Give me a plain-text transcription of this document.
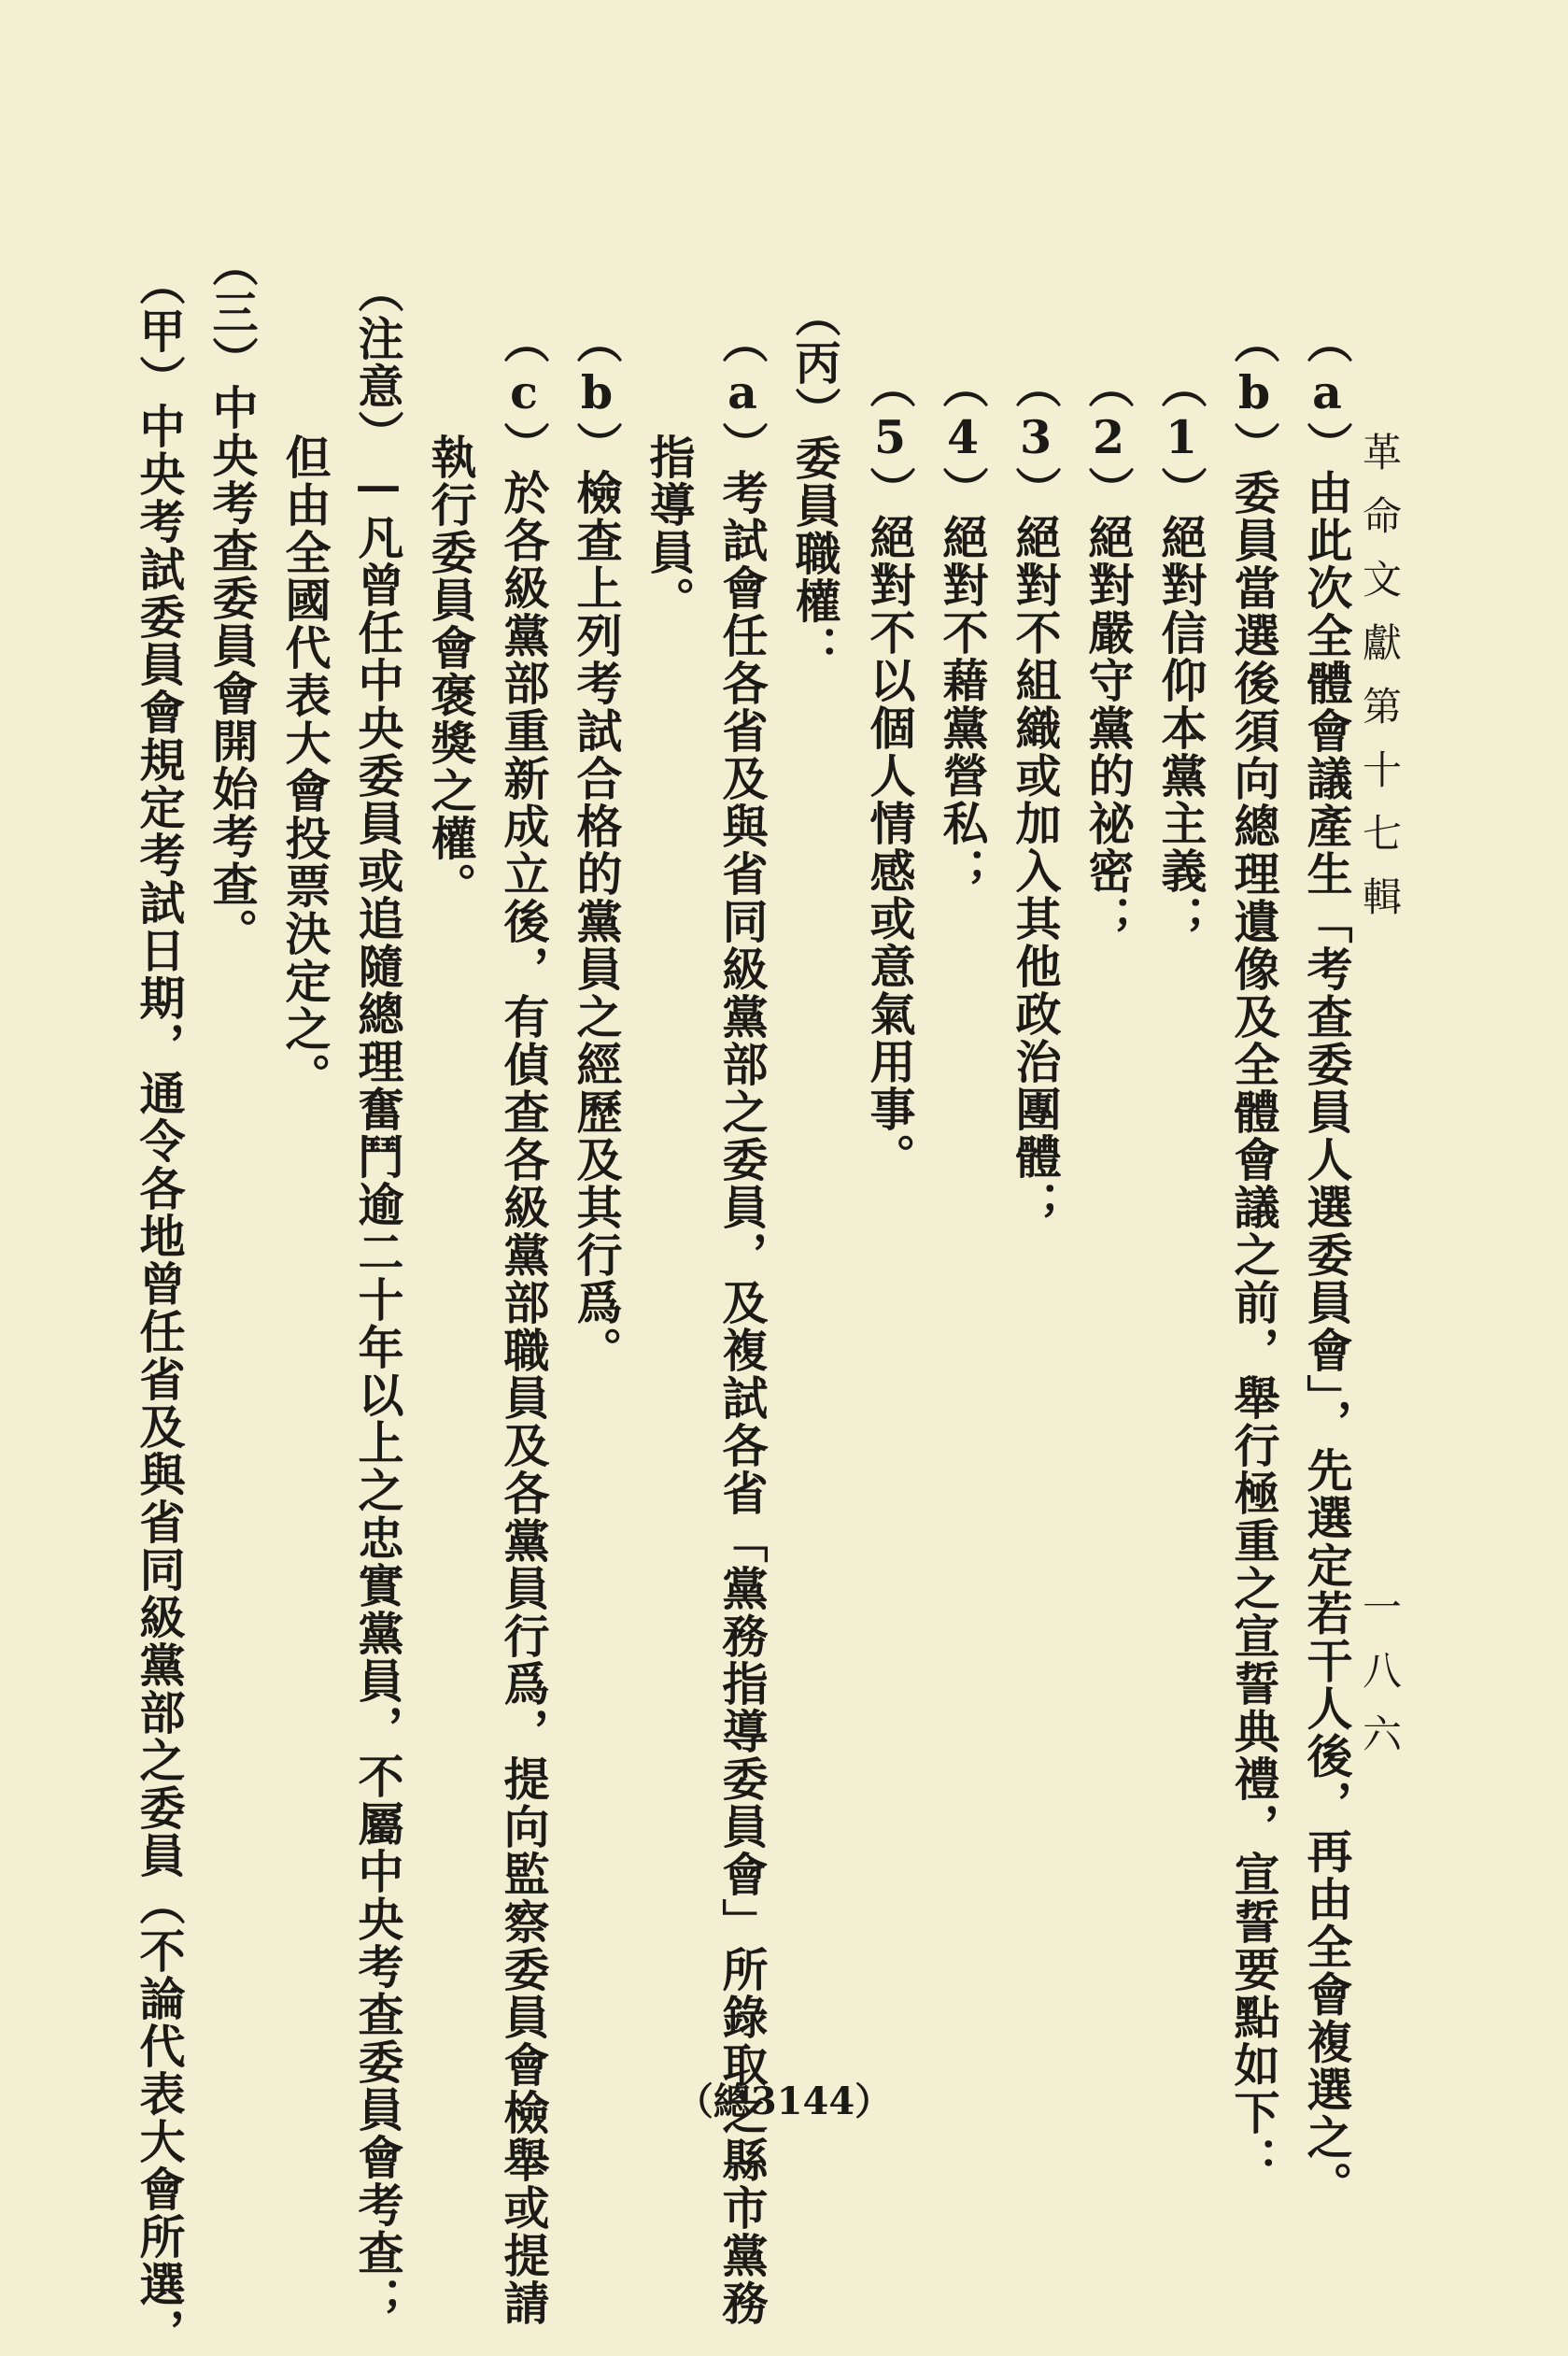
革命文獻第十七輯
一八六
（a）由此次全體會議產生「考查委員人選委員會」，先選定若干人後，再由全會複選之。
（b）委員當選後須向總理遺像及全體會議之前，舉行極重之宣誓典禮，宣誓要點如下：
（1）絕對信仰本黨主義；
（2）絕對嚴守黨的祕密；
（3）絕對不組織或加入其他政治團體；
（4）絕對不藉黨營私；
（5）絕對不以個人情感或意氣用事。
（丙）委員職權：
（a）考試會任各省及與省同級黨部之委員，及複試各省「黨務指導委員會」所錄取之縣市黨務
指導員。
（b）檢查上列考試合格的黨員之經歷及其行爲。
（c）於各級黨部重新成立後，有偵查各級黨部職員及各黨員行爲，提向監察委員會檢舉或提請
執行委員會褒獎之權。
（注意）—凡曾任中央委員或追隨總理奮鬥逾二十年以上之忠實黨員，不屬中央考查委員會考查；
但由全國代表大會投票決定之。
（三）中央考查委員會開始考查。
（甲）中央考試委員會規定考試日期，通令各地曾任省及與省同級黨部之委員（不論代表大會所選，	（總3144）
